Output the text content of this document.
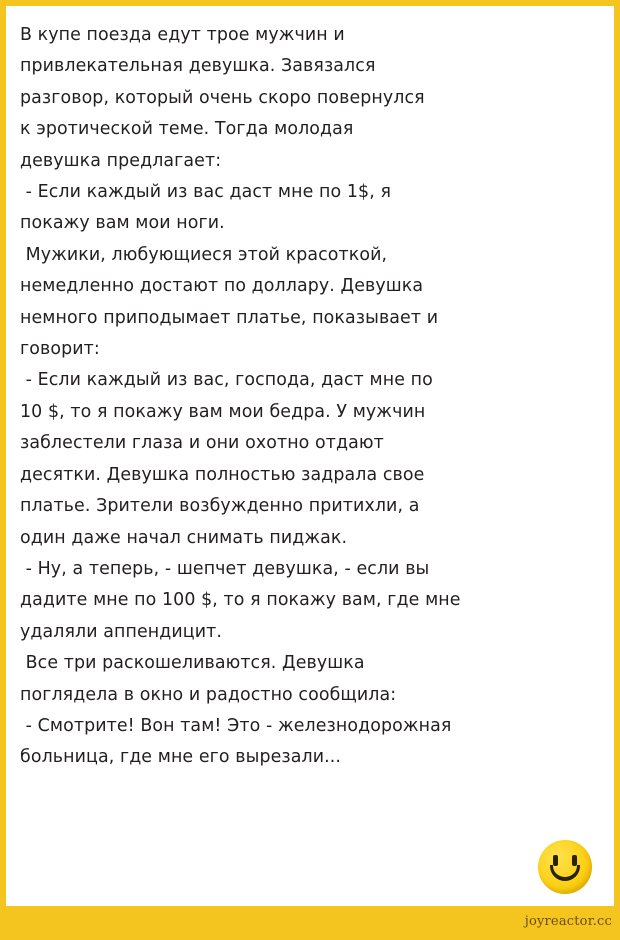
В купе поезда едут трое мужчин и
привлекательная девушка. Завязался
разговор, который очень скоро повернулся
к эротической теме. Тогда молодая
девушка предлагает:
- Если каждый из вас даст мне по 1$, я
покажу вам мои ноги.
Мужики, любующиеся этой красоткой,
немедленно достают по доллару. Девушка
немного приподымает платье, показывает и
говорит:
- Если каждый из вас, господа, даст мне по
10 $, то я покажу вам мои бедра. У мужчин
заблестели глаза и они охотно отдают
десятки. Девушка полностью задрала свое
платье. Зрители возбужденно притихли, а
один даже начал снимать пиджак.
- Ну, а теперь, - шепчет девушка, - если вы
дадите мне по 100 $, то я покажу вам, где мне
удаляли аппендицит.
Все три раскошеливаются. Девушка
поглядела в окно и радостно сообщила:
- Смотрите! Вон там! Это - железнодорожная
больница, где мне его вырезали...
joyreactor.cc
